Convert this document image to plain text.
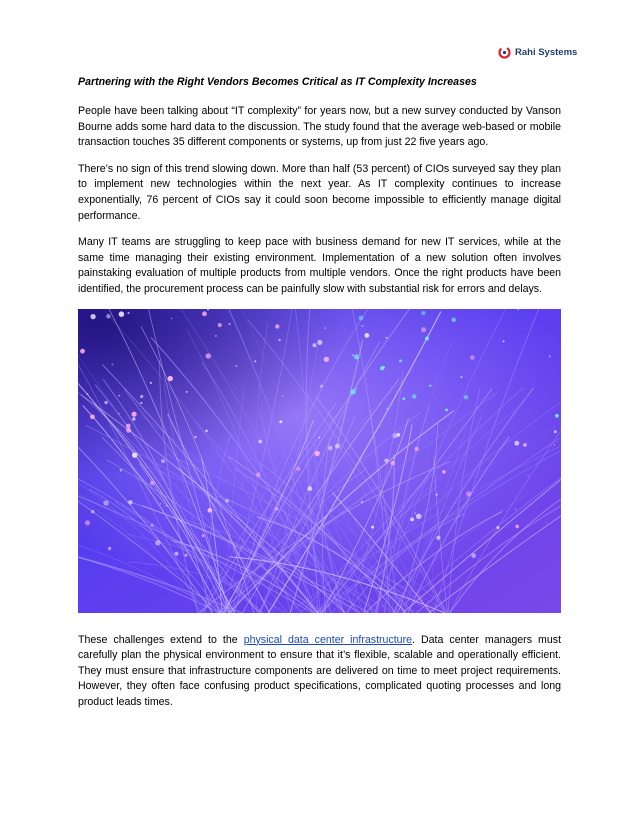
Rahi Systems
Partnering with the Right Vendors Becomes Critical as IT Complexity Increases

People have been talking about “IT complexity” for years now, but a new survey conducted by Vanson Bourne adds some hard data to the discussion. The study found that the average web-based or mobile transaction touches 35 different components or systems, up from just 22 five years ago.

There’s no sign of this trend slowing down. More than half (53 percent) of CIOs surveyed say they plan to implement new technologies within the next year. As IT complexity continues to increase exponentially, 76 percent of CIOs say it could soon become impossible to efficiently manage digital performance.

Many IT teams are struggling to keep pace with business demand for new IT services, while at the same time managing their existing environment. Implementation of a new solution often involves painstaking evaluation of multiple products from multiple vendors. Once the right products have been identified, the procurement process can be painfully slow with substantial risk for errors and delays.

These challenges extend to the physical data center infrastructure. Data center managers must carefully plan the physical environment to ensure that it’s flexible, scalable and operationally efficient. They must ensure that infrastructure components are delivered on time to meet project requirements. However, they often face confusing product specifications, complicated quoting processes and long product leads times.
